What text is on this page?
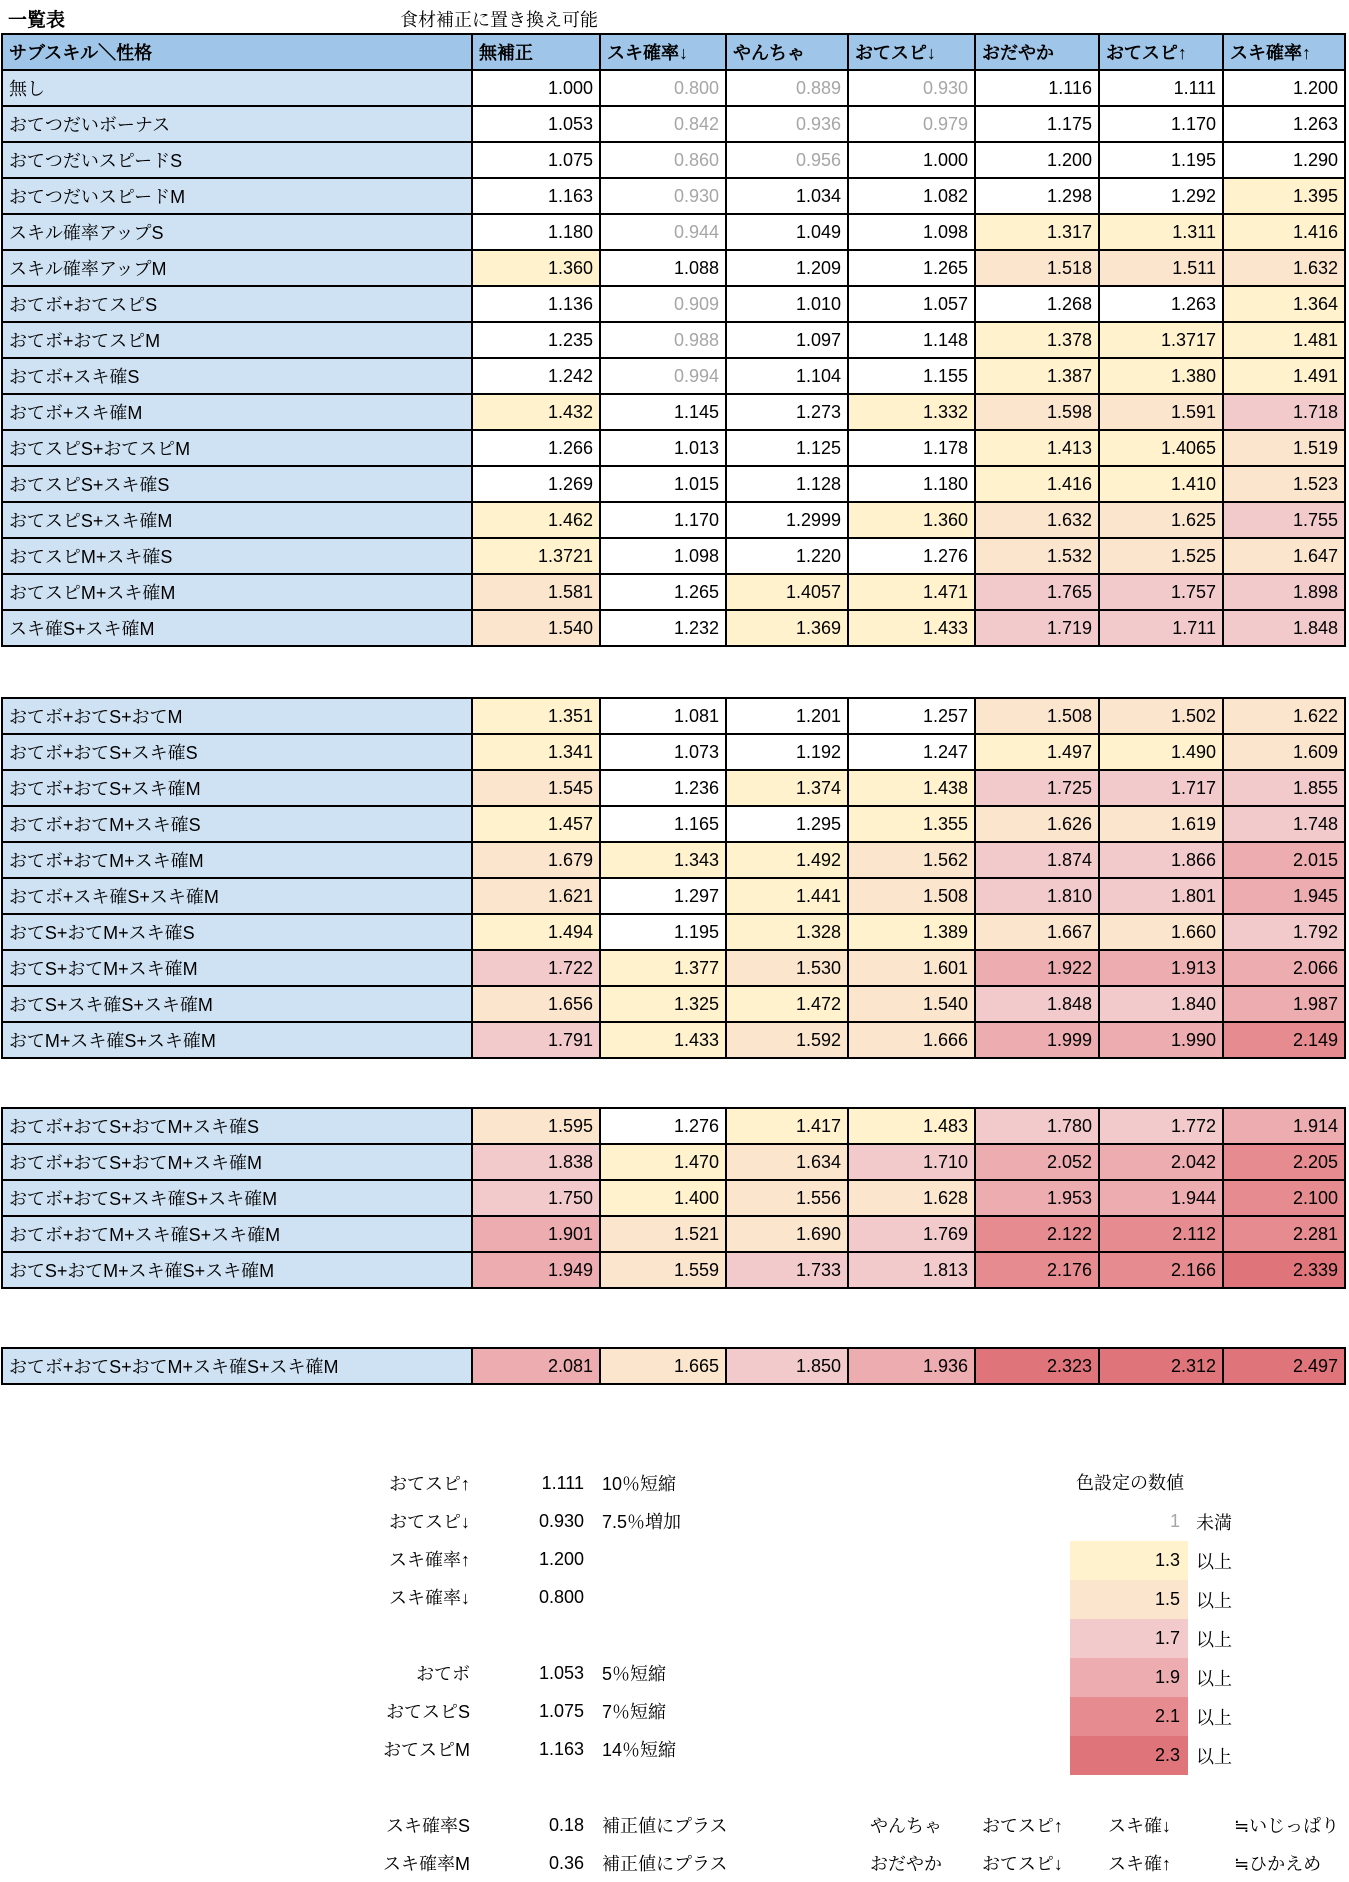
一覧表	食材補正に置き換え可能
サブスキル＼性格	無補正	スキ確率↓	やんちゃ	おてスピ↓	おだやか	おてスピ↑	スキ確率↑
無し	1.000	0.800	0.889	0.930	1.116	1.111	1.200
おてつだいボーナス	1.053	0.842	0.936	0.979	1.175	1.170	1.263
おてつだいスピードS	1.075	0.860	0.956	1.000	1.200	1.195	1.290
おてつだいスピードM	1.163	0.930	1.034	1.082	1.298	1.292	1.395
スキル確率アップS	1.180	0.944	1.049	1.098	1.317	1.311	1.416
スキル確率アップM	1.360	1.088	1.209	1.265	1.518	1.511	1.632
おてボ+おてスピS	1.136	0.909	1.010	1.057	1.268	1.263	1.364
おてボ+おてスピM	1.235	0.988	1.097	1.148	1.378	1.3717	1.481
おてボ+スキ確S	1.242	0.994	1.104	1.155	1.387	1.380	1.491
おてボ+スキ確M	1.432	1.145	1.273	1.332	1.598	1.591	1.718
おてスピS+おてスピM	1.266	1.013	1.125	1.178	1.413	1.4065	1.519
おてスピS+スキ確S	1.269	1.015	1.128	1.180	1.416	1.410	1.523
おてスピS+スキ確M	1.462	1.170	1.2999	1.360	1.632	1.625	1.755
おてスピM+スキ確S	1.3721	1.098	1.220	1.276	1.532	1.525	1.647
おてスピM+スキ確M	1.581	1.265	1.4057	1.471	1.765	1.757	1.898
スキ確S+スキ確M	1.540	1.232	1.369	1.433	1.719	1.711	1.848
おてボ+おてS+おてM	1.351	1.081	1.201	1.257	1.508	1.502	1.622
おてボ+おてS+スキ確S	1.341	1.073	1.192	1.247	1.497	1.490	1.609
おてボ+おてS+スキ確M	1.545	1.236	1.374	1.438	1.725	1.717	1.855
おてボ+おてM+スキ確S	1.457	1.165	1.295	1.355	1.626	1.619	1.748
おてボ+おてM+スキ確M	1.679	1.343	1.492	1.562	1.874	1.866	2.015
おてボ+スキ確S+スキ確M	1.621	1.297	1.441	1.508	1.810	1.801	1.945
おてS+おてM+スキ確S	1.494	1.195	1.328	1.389	1.667	1.660	1.792
おてS+おてM+スキ確M	1.722	1.377	1.530	1.601	1.922	1.913	2.066
おてS+スキ確S+スキ確M	1.656	1.325	1.472	1.540	1.848	1.840	1.987
おてM+スキ確S+スキ確M	1.791	1.433	1.592	1.666	1.999	1.990	2.149
おてボ+おてS+おてM+スキ確S	1.595	1.276	1.417	1.483	1.780	1.772	1.914
おてボ+おてS+おてM+スキ確M	1.838	1.470	1.634	1.710	2.052	2.042	2.205
おてボ+おてS+スキ確S+スキ確M	1.750	1.400	1.556	1.628	1.953	1.944	2.100
おてボ+おてM+スキ確S+スキ確M	1.901	1.521	1.690	1.769	2.122	2.112	2.281
おてS+おてM+スキ確S+スキ確M	1.949	1.559	1.733	1.813	2.176	2.166	2.339
おてボ+おてS+おてM+スキ確S+スキ確M	2.081	1.665	1.850	1.936	2.323	2.312	2.497
おてスピ↑	1.111	10％短縮
おてスピ↓	0.930	7.5％増加
スキ確率↑	1.200
スキ確率↓	0.800
おてボ	1.053	5％短縮
おてスピS	1.075	7％短縮
おてスピM	1.163	14％短縮
スキ確率S	0.18	補正値にプラス	やんちゃ	おてスピ↑	スキ確↓	≒いじっぱり
スキ確率M	0.36	補正値にプラス	おだやか	おてスピ↓	スキ確↑	≒ひかえめ
色設定の数値
1 未満
1.3 以上
1.5 以上
1.7 以上
1.9 以上
2.1 以上
2.3 以上
